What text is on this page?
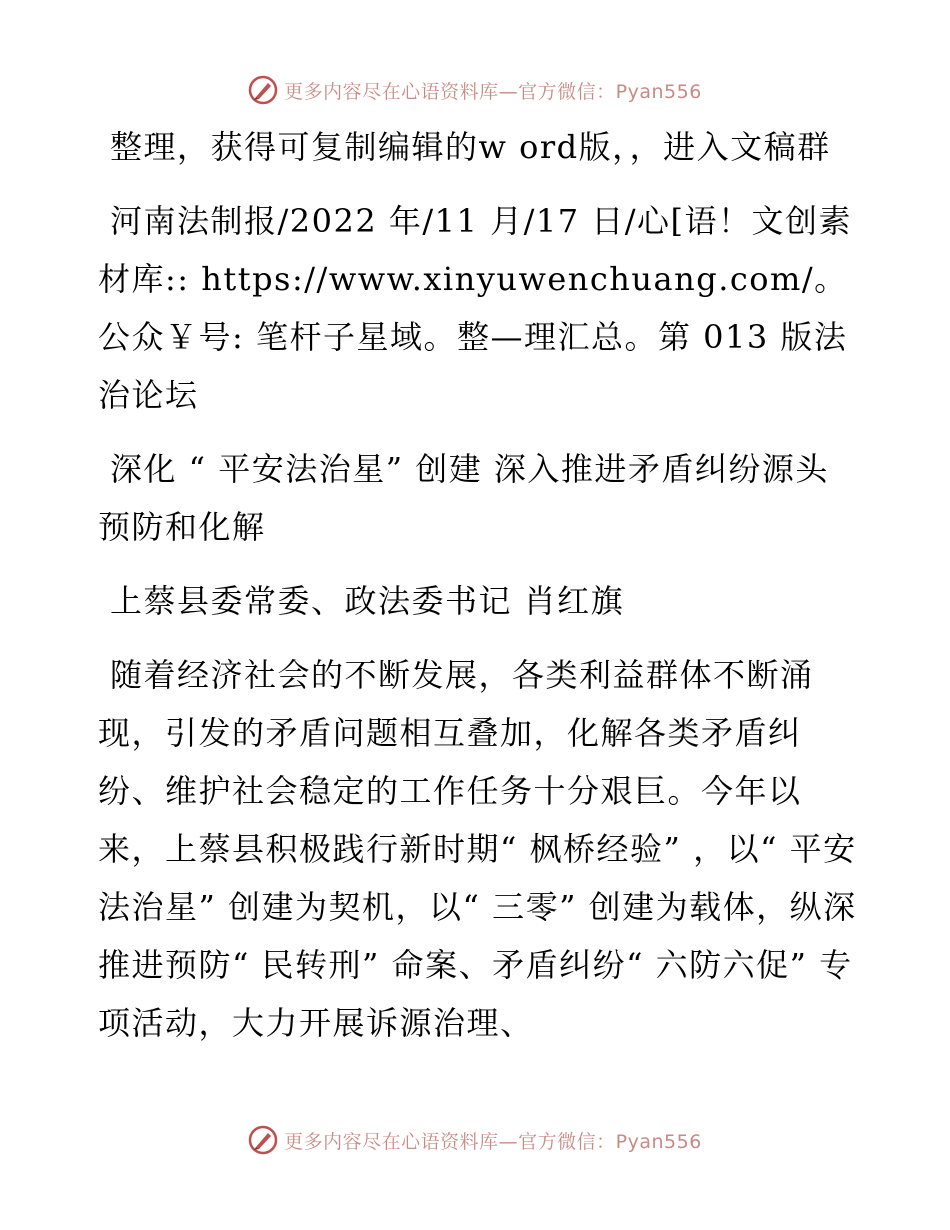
更多内容尽在心语资料库—官方微信：Pyan556

整理，获得可复制编辑的w ord版，，进入文稿群

河南法制报/2022 年/11 月/17 日/心[语！文创素材库:: https://www.xinyuwenchuang.com/。公众￥号: 笔杆子星域。整—理汇总。第 013 版法治论坛

深化 “ 平安法治星” 创建 深入推进矛盾纠纷源头预防和化解

上蔡县委常委、政法委书记 肖红旗

随着经济社会的不断发展，各类利益群体不断涌现，引发的矛盾问题相互叠加，化解各类矛盾纠纷、维护社会稳定的工作任务十分艰巨。今年以来，上蔡县积极践行新时期“ 枫桥经验” ，以“ 平安法治星” 创建为契机，以“ 三零” 创建为载体，纵深推进预防“ 民转刑” 命案、矛盾纠纷“ 六防六促” 专项活动，大力开展诉源治理、

更多内容尽在心语资料库—官方微信：Pyan556
